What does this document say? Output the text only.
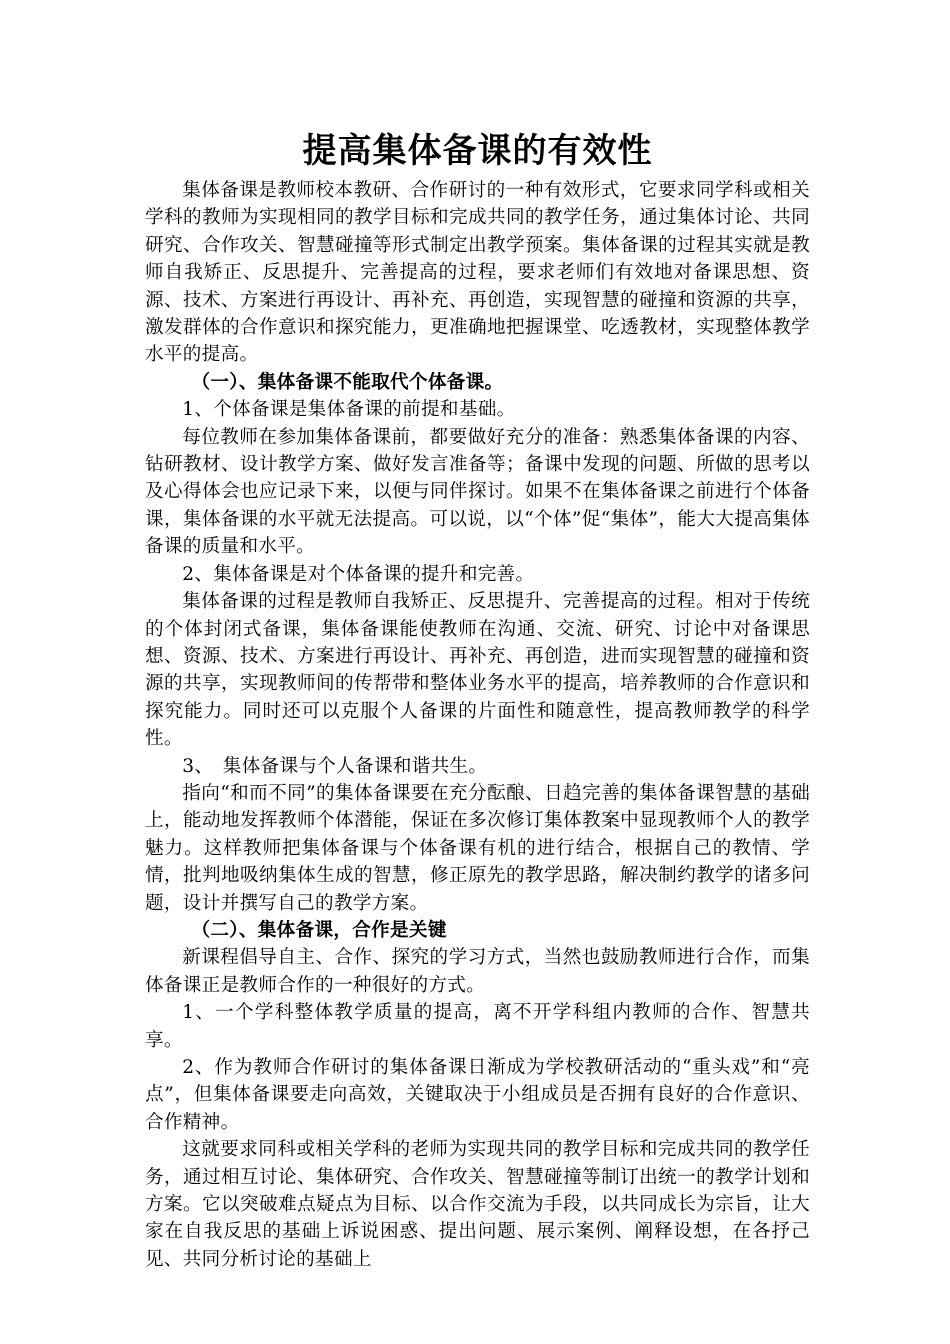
提高集体备课的有效性

集体备课是教师校本教研、合作研讨的一种有效形式，它要求同学科或相关学科的教师为实现相同的教学目标和完成共同的教学任务，通过集体讨论、共同研究、合作攻关、智慧碰撞等形式制定出教学预案。集体备课的过程其实就是教师自我矫正、反思提升、完善提高的过程，要求老师们有效地对备课思想、资源、技术、方案进行再设计、再补充、再创造，实现智慧的碰撞和资源的共享，激发群体的合作意识和探究能力，更准确地把握课堂、吃透教材，实现整体教学水平的提高。

（一）、集体备课不能取代个体备课。

1、个体备课是集体备课的前提和基础。

每位教师在参加集体备课前，都要做好充分的准备：熟悉集体备课的内容、钻研教材、设计教学方案、做好发言准备等；备课中发现的问题、所做的思考以及心得体会也应记录下来，以便与同伴探讨。如果不在集体备课之前进行个体备课，集体备课的水平就无法提高。可以说，以“个体”促“集体”，能大大提高集体备课的质量和水平。

2、集体备课是对个体备课的提升和完善。

集体备课的过程是教师自我矫正、反思提升、完善提高的过程。相对于传统的个体封闭式备课，集体备课能使教师在沟通、交流、研究、讨论中对备课思想、资源、技术、方案进行再设计、再补充、再创造，进而实现智慧的碰撞和资源的共享，实现教师间的传帮带和整体业务水平的提高，培养教师的合作意识和探究能力。同时还可以克服个人备课的片面性和随意性，提高教师教学的科学性。

3、　集体备课与个人备课和谐共生。

指向“和而不同”的集体备课要在充分酝酿、日趋完善的集体备课智慧的基础上，能动地发挥教师个体潜能，保证在多次修订集体教案中显现教师个人的教学魅力。这样教师把集体备课与个体备课有机的进行结合，根据自己的教情、学情，批判地吸纳集体生成的智慧，修正原先的教学思路，解决制约教学的诸多问题，设计并撰写自己的教学方案。

（二）、集体备课，合作是关键

新课程倡导自主、合作、探究的学习方式，当然也鼓励教师进行合作，而集体备课正是教师合作的一种很好的方式。

1、一个学科整体教学质量的提高，离不开学科组内教师的合作、智慧共享。

2、作为教师合作研讨的集体备课日渐成为学校教研活动的“重头戏”和“亮点”，但集体备课要走向高效，关键取决于小组成员是否拥有良好的合作意识、合作精神。

这就要求同科或相关学科的老师为实现共同的教学目标和完成共同的教学任务，通过相互讨论、集体研究、合作攻关、智慧碰撞等制订出统一的教学计划和方案。它以突破难点疑点为目标、以合作交流为手段，以共同成长为宗旨，让大家在自我反思的基础上诉说困惑、提出问题、展示案例、阐释设想，在各抒己见、共同分析讨论的基础上
